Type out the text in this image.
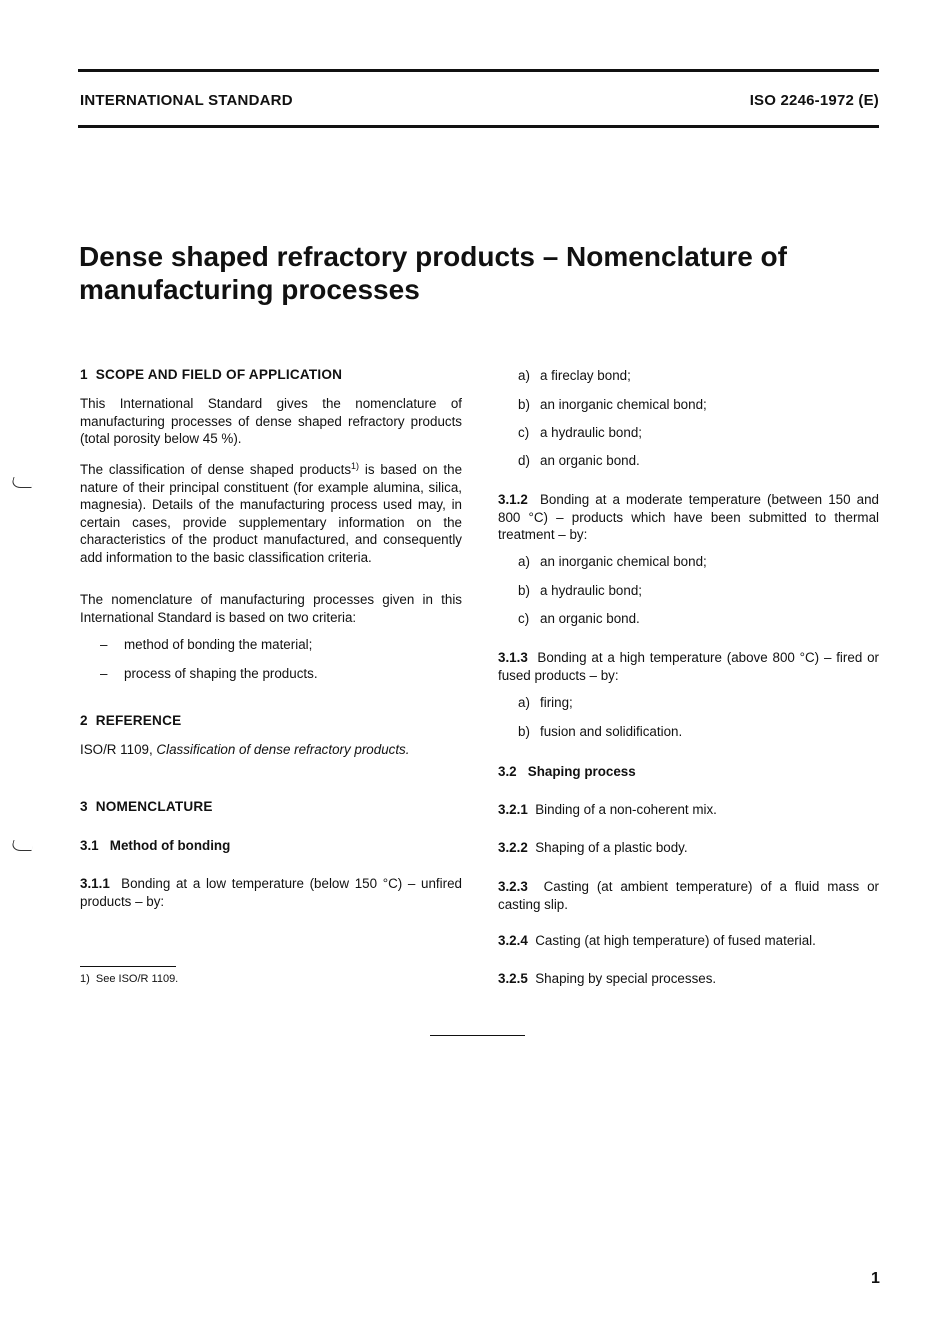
INTERNATIONAL STANDARD	ISO 2246-1972 (E)
Dense shaped refractory products – Nomenclature of
manufacturing processes
1  SCOPE AND FIELD OF APPLICATION
This International Standard gives the nomenclature of manufacturing processes of dense shaped refractory products (total porosity below 45 %).
The classification of dense shaped products$^{1)}$ is based on the nature of their principal constituent (for example alumina, silica, magnesia). Details of the manufacturing process used may, in certain cases, provide supplementary information on the characteristics of the product manufactured, and consequently add information to the basic classification criteria.
The nomenclature of manufacturing processes given in this International Standard is based on two criteria:
– method of bonding the material;
– process of shaping the products.
2  REFERENCE
ISO/R 1109, Classification of dense refractory products.
3  NOMENCLATURE
3.1 Method of bonding
3.1.1 Bonding at a low temperature (below 150 °C) – unfired products – by:
1)  See ISO/R 1109.
a) a fireclay bond;
b) an inorganic chemical bond;
c) a hydraulic bond;
d) an organic bond.
3.1.2 Bonding at a moderate temperature (between 150 and 800 °C) – products which have been submitted to thermal treatment – by:
a) an inorganic chemical bond;
b) a hydraulic bond;
c) an organic bond.
3.1.3 Bonding at a high temperature (above 800 °C) – fired or fused products – by:
a) firing;
b) fusion and solidification.
3.2 Shaping process
3.2.1 Binding of a non-coherent mix.
3.2.2 Shaping of a plastic body.
3.2.3 Casting (at ambient temperature) of a fluid mass or casting slip.
3.2.4 Casting (at high temperature) of fused material.
3.2.5 Shaping by special processes.
1
